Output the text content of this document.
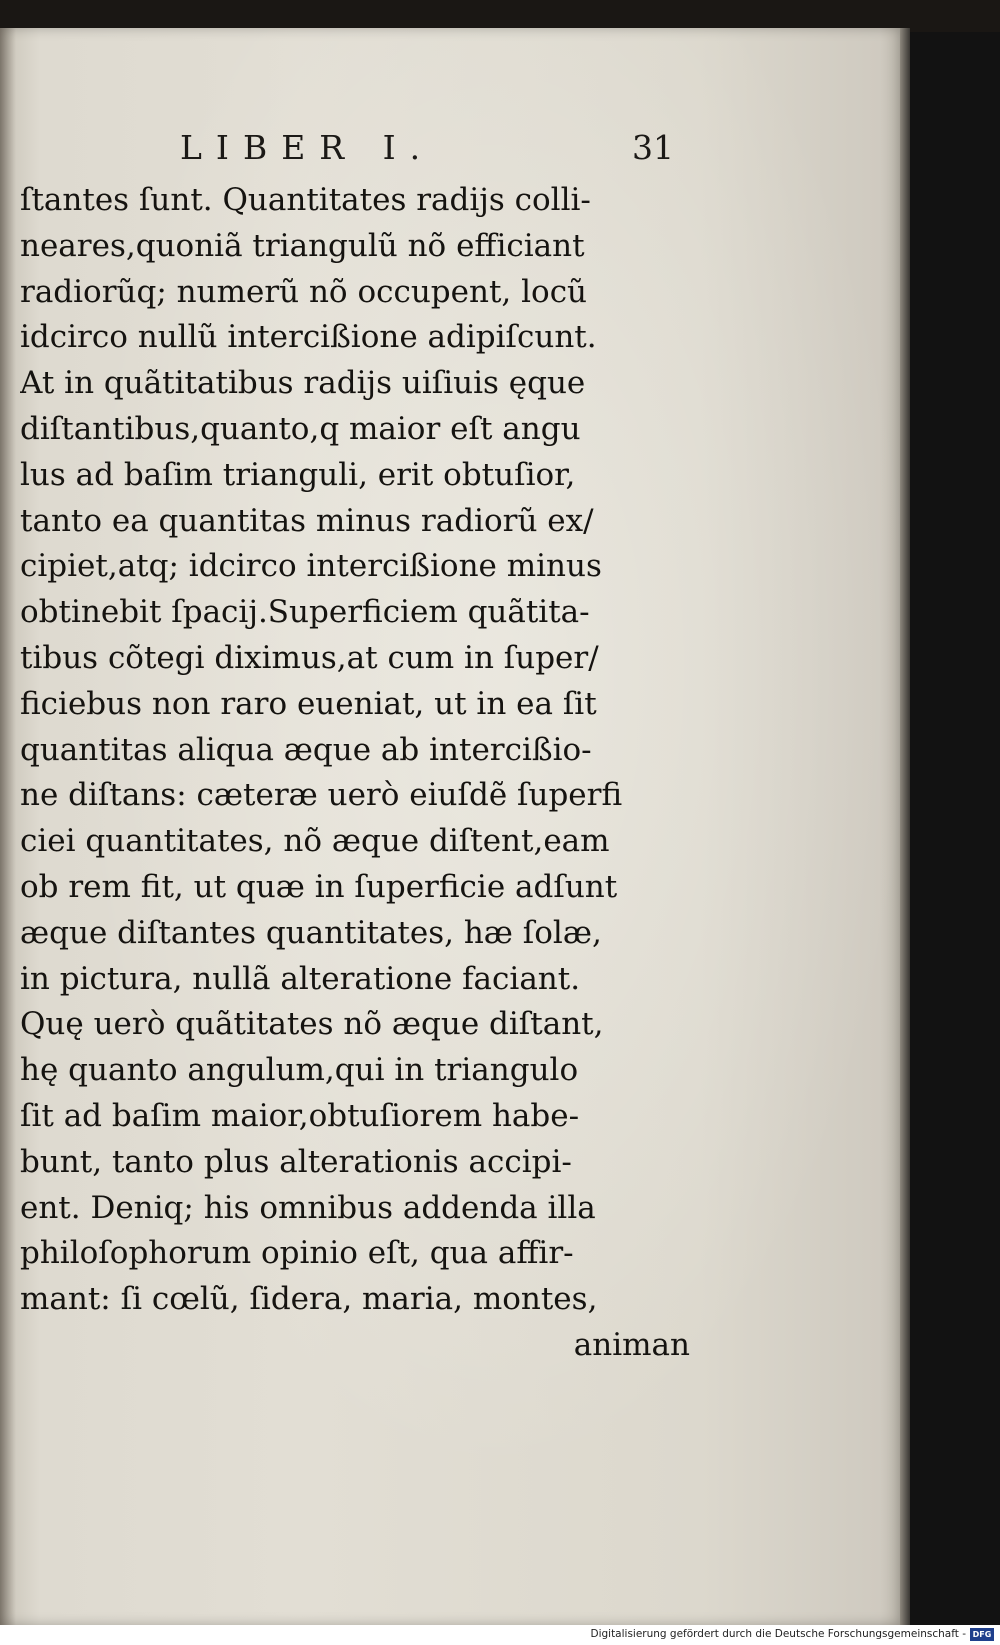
LIBER I.	31
ſtantes ſunt. Quantitates radijs colli-
neares,quoniã triangulũ nõ efficiant
radiorũq; numerũ nõ occupent, locũ
idcirco nullũ intercißione adipiſcunt.
At in quãtitatibus radijs uiſiuis ęque
diſtantibus,quanto,q maior eſt angu
lus ad baſim trianguli, erit obtuſior,
tanto ea quantitas minus radiorũ ex/
cipiet,atq; idcirco intercißione minus
obtinebit ſpacij.Superficiem quãtita-
tibus cõtegi diximus,at cum in ſuper/
ficiebus non raro eueniat, ut in ea ſit
quantitas aliqua æque ab intercißio-
ne diſtans: cæteræ uerò eiuſdẽ ſuperfi
ciei quantitates, nõ æque diſtent,eam
ob rem fit, ut quæ in ſuperficie adſunt
æque diſtantes quantitates, hæ ſolæ,
in pictura, nullã alteratione faciant.
Quę uerò quãtitates nõ æque diſtant,
hę quanto angulum,qui in triangulo
ſit ad baſim maior,obtuſiorem habe-
bunt, tanto plus alterationis accipi-
ent. Deniq; his omnibus addenda illa
philoſophorum opinio eſt, qua affir-
mant: ſi cœlũ, ſidera, maria, montes,
animan
Digitalisierung gefördert durch die Deutsche Forschungsgemeinschaft - DFG
